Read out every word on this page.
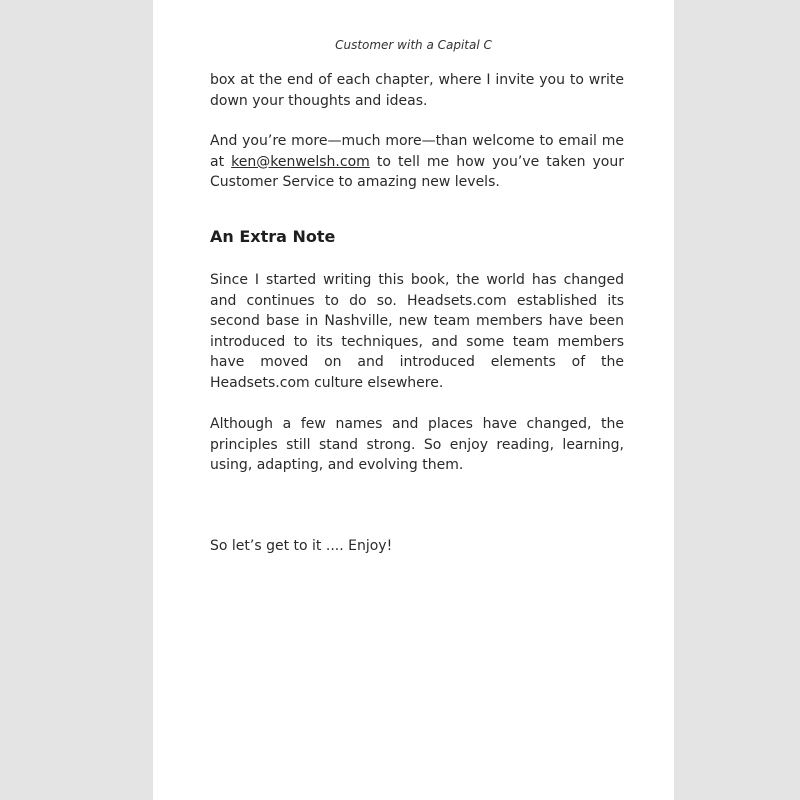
Customer with a Capital C

box at the end of each chapter, where I invite you to write down your thoughts and ideas.

And you’re more—much more—than welcome to email me at ken@kenwelsh.com to tell me how you’ve taken your Customer Service to amazing new levels.

An Extra Note

Since I started writing this book, the world has changed and continues to do so. Headsets.com established its second base in Nashville, new team members have been introduced to its techniques, and some team members have moved on and introduced elements of the Headsets.com culture elsewhere.

Although a few names and places have changed, the principles still stand strong. So enjoy reading, learning, using, adapting, and evolving them.

So let’s get to it .... Enjoy!
